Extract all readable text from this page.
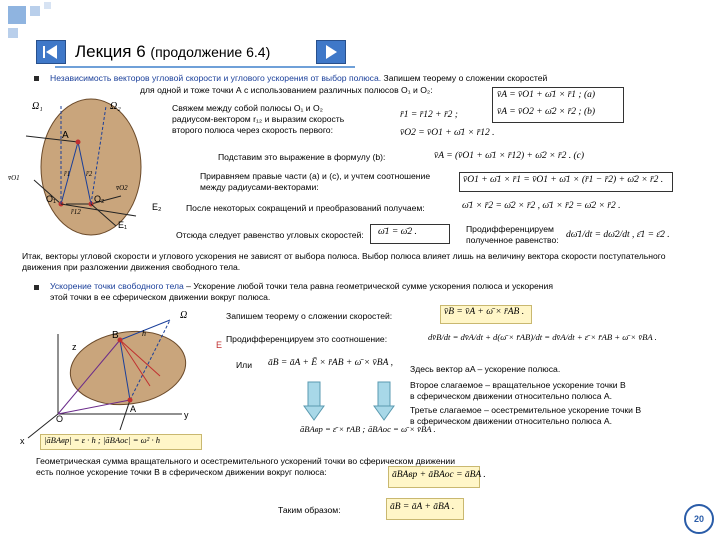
Лекция 6 (продолжение 6.4)
Независимость векторов угловой скорости и углового ускорения от выбор полюса. Запишем теорему о сложении скоростей
для одной и тоже точки А с использованием различных полюсов O₁ и O₂:	v̄A = v̄O1 + ω̄1 × r̄1 ; (a)
v̄A = v̄O2 + ω̄2 × r̄2 ; (b)
Свяжем между собой полюсы O₁ и O₂
радиусом-вектором r₁₂ и выразим скорость
второго полюса через скорость первого:
r̄1 = r̄12 + r̄2 ;
v̄O2 = v̄O1 + ω̄1 × r̄12 .
Подставим это выражение в формулу (b):	v̄A = (v̄O1 + ω̄1 × r̄12) + ω̄2 × r̄2 . (c)
Приравняем правые части (a) и (c), и учтем соотношение
между радиусами-векторами:
v̄O1 + ω̄1 × r̄1 = v̄O1 + ω̄1 × (r̄1 − r̄2) + ω̄2 × r̄2 .
После некоторых сокращений и преобразований получаем:	ω̄1 × r̄2 = ω̄2 × r̄2 , ω̄1 × r̄2 = ω̄2 × r̄2 .
Отсюда следует равенство угловых скоростей: ω̄1 = ω̄2 .	Продифференцируем
полученное равенство: dω̄1/dt = dω̄2/dt , ε̄1 = ε̄2 .
Итак, векторы угловой скорости и углового ускорения не зависят от выбора полюса. Выбор полюса влияет лишь на величину вектора скорости поступательного движения при разложении движения свободного тела.
Ω₁	Ω₂
A
O₁	O₂
E₂
E₁
v̄O1
v̄O2
r̄1 r̄2
r̄12
Ускорение точки свободного тела – Ускорение любой точки тела равна геометрической сумме ускорения полюса и ускорения
этой точки в ее сферическом движении вокруг полюса.
Запишем теорему о сложении скоростей:	v̄B = v̄A + ω̄ × r̄AB .
Продифференцируем это соотношение:	dv̄B/dt = dv̄A/dt + d(ω̄ × r̄AB)/dt = dv̄A/dt + ε̄ × r̄AB + ω̄ × v̄BA .
Или āB = āA + Ē × r̄AB + ω̄ × v̄BA ,
Здесь вектор aA – ускорение полюса.
Второе слагаемое – вращательное ускорение точки B
в сферическом движении относительно полюса A.
Третье слагаемое – осестремительное ускорение точки B
в сферическом движении относительно полюса A.
āBAвр = ε̄ × r̄AB ; āBAос = ω̄ × v̄BA .
|āBAвр| = ε · h ; |āBAос| = ω² · h
Геометрическая сумма вращательного и осестремительного ускорений точки во сферическом движении
есть полное ускорение точки B в сферическом движении вокруг полюса:	āBAвр + āBAос = āBA .
Таким образом:	āB = āA + āBA .
Ω
B
E
z
O
A
y
x
h
20
